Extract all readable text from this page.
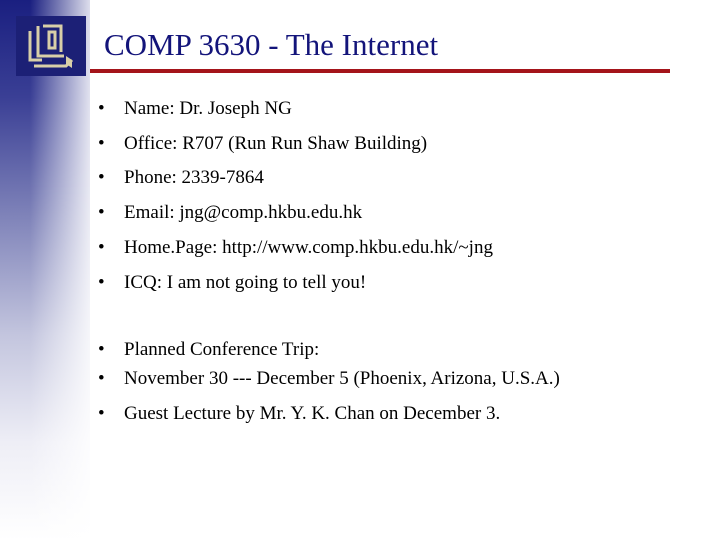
COMP 3630 - The Internet
• Name: Dr. Joseph NG
• Office: R707 (Run Run Shaw Building)
• Phone: 2339-7864
• Email: jng@comp.hkbu.edu.hk
• Home.Page: http://www.comp.hkbu.edu.hk/~jng
• ICQ: I am not going to tell you!
• Planned Conference Trip:
• November 30 --- December 5 (Phoenix, Arizona, U.S.A.)
• Guest Lecture by Mr. Y. K. Chan on December 3.
